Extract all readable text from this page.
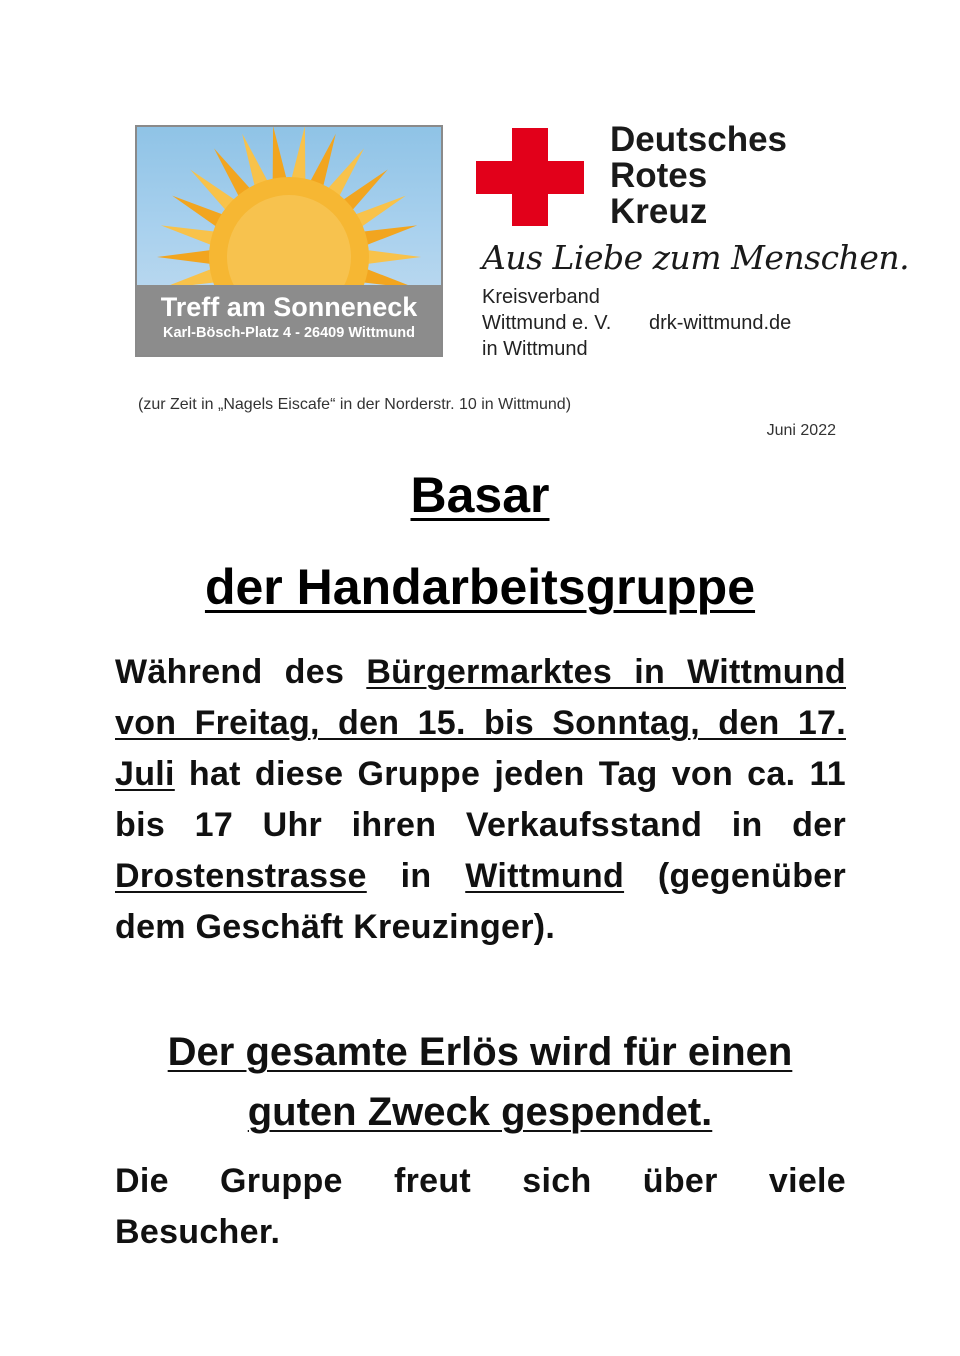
Treff am Sonneneck
Karl-Bösch-Platz 4 - 26409 Wittmund
Deutsches
Rotes
Kreuz
Aus Liebe zum Menschen.
Kreisverband
Wittmund e. V.
in Wittmund
drk-wittmund.de
(zur Zeit in „Nagels Eiscafe“ in der Norderstr. 10 in Wittmund)
Juni 2022
Basar
der Handarbeitsgruppe
Während des Bürgermarktes in Wittmund von Freitag, den 15. bis Sonntag, den 17. Juli hat diese Gruppe jeden Tag von ca. 11 bis 17 Uhr ihren Verkaufsstand in der Drostenstrasse in Wittmund (gegenüber dem Geschäft Kreuzinger).
Der gesamte Erlös wird für einen
guten Zweck gespendet.
Die Gruppe freut sich über viele
Besucher.
